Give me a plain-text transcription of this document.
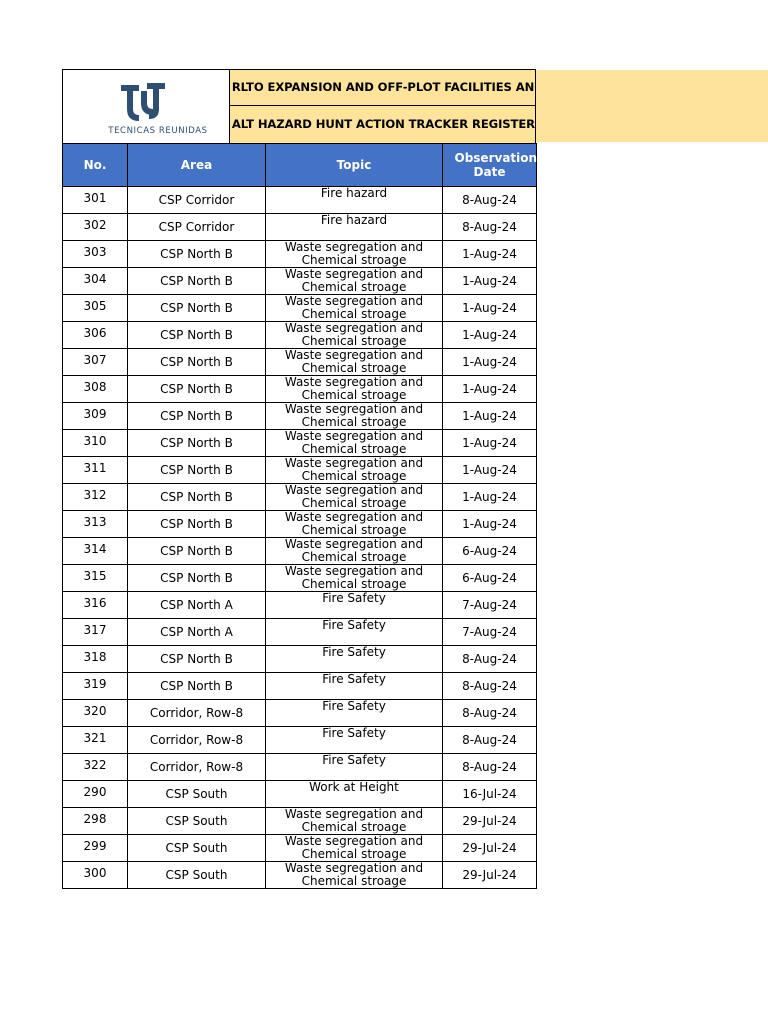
TECNICAS REUNIDAS
RLTO EXPANSION AND OFF-PLOT FACILITIES AN
ALT HAZARD HUNT ACTION TRACKER REGISTER
No.	Area	Topic	Observation Date

301	CSP Corridor	Fire hazard	8-Aug-24
302	CSP Corridor	Fire hazard	8-Aug-24
303	CSP North B	Waste segregation and Chemical stroage	1-Aug-24
304	CSP North B	Waste segregation and Chemical stroage	1-Aug-24
305	CSP North B	Waste segregation and Chemical stroage	1-Aug-24
306	CSP North B	Waste segregation and Chemical stroage	1-Aug-24
307	CSP North B	Waste segregation and Chemical stroage	1-Aug-24
308	CSP North B	Waste segregation and Chemical stroage	1-Aug-24
309	CSP North B	Waste segregation and Chemical stroage	1-Aug-24
310	CSP North B	Waste segregation and Chemical stroage	1-Aug-24
311	CSP North B	Waste segregation and Chemical stroage	1-Aug-24
312	CSP North B	Waste segregation and Chemical stroage	1-Aug-24
313	CSP North B	Waste segregation and Chemical stroage	1-Aug-24
314	CSP North B	Waste segregation and Chemical stroage	6-Aug-24
315	CSP North B	Waste segregation and Chemical stroage	6-Aug-24
316	CSP North A	Fire Safety	7-Aug-24
317	CSP North A	Fire Safety	7-Aug-24
318	CSP North B	Fire Safety	8-Aug-24
319	CSP North B	Fire Safety	8-Aug-24
320	Corridor, Row-8	Fire Safety	8-Aug-24
321	Corridor, Row-8	Fire Safety	8-Aug-24
322	Corridor, Row-8	Fire Safety	8-Aug-24
290	CSP South	Work at Height	16-Jul-24
298	CSP South	Waste segregation and Chemical stroage	29-Jul-24
299	CSP South	Waste segregation and Chemical stroage	29-Jul-24
300	CSP South	Waste segregation and Chemical stroage	29-Jul-24
